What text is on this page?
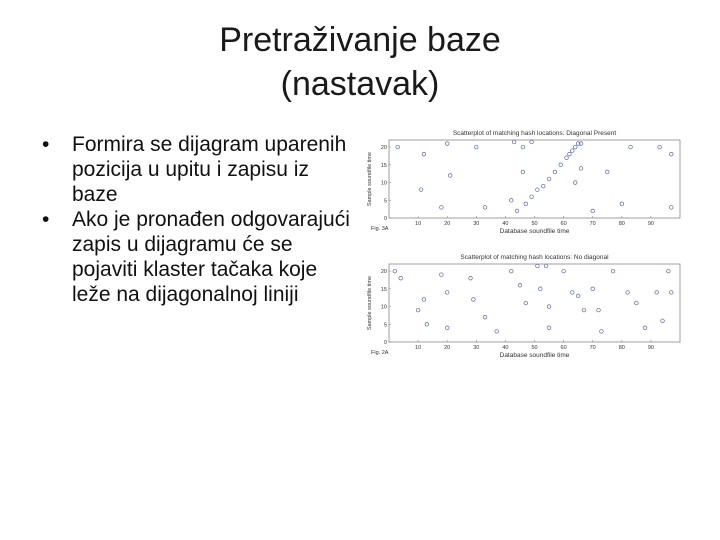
Pretraživanje baze
(nastavak)
• Formira se dijagram uparenih pozicija u upitu i zapisu iz baze
• Ako je pronađen odgovarajući zapis u dijagramu će se pojaviti klaster tačaka koje leže na dijagonalnoj liniji
Scatterplot of matching hash locations: Diagonal Present
10	20	30	40	50	60	70	80	90
0
5
10
15
20
Database soundfile time
Sample soundfile time
Fig. 3A
Scatterplot of matching hash locations: No diagonal
10	20	30	40	50	60	70	80	90
0
5
10
15
20
Database soundfile time
Sample soundfile time
Fig. 2A
